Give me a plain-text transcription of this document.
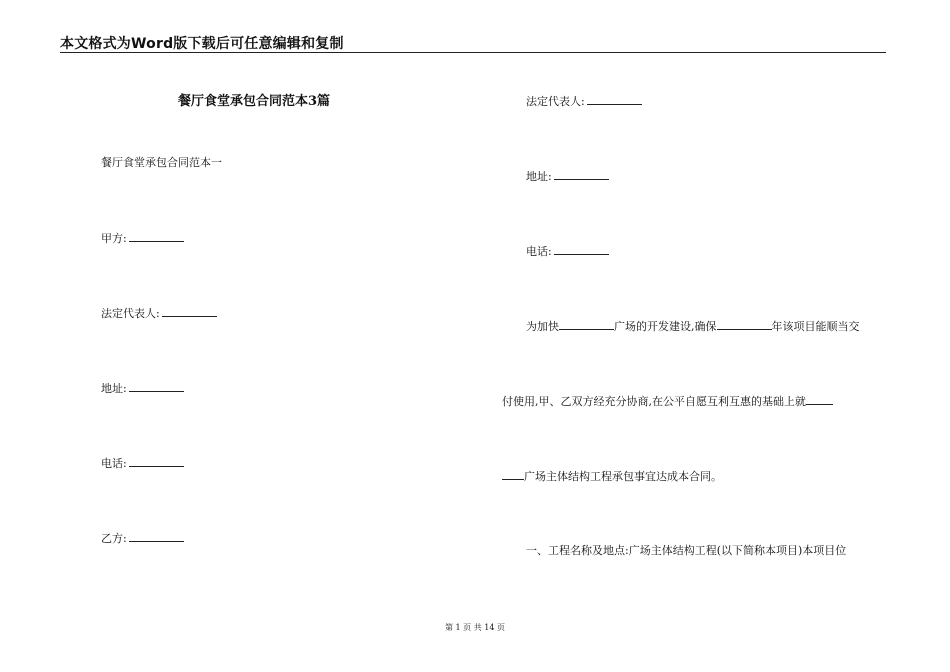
本文格式为Word版下载后可任意编辑和复制
餐厅食堂承包合同范本3篇
餐厅食堂承包合同范本一
甲方:
法定代表人:
地址:
电话:
乙方:
法定代表人:
地址:
电话:
为加快	广场的开发建设,确保	年该项目能顺当交
付使用,甲、乙双方经充分协商,在公平自愿互利互惠的基础上就
广场主体结构工程承包事宜达成本合同。
一、工程名称及地点:广场主体结构工程(以下简称本项目)本项目位
第 1 页 共 14 页
